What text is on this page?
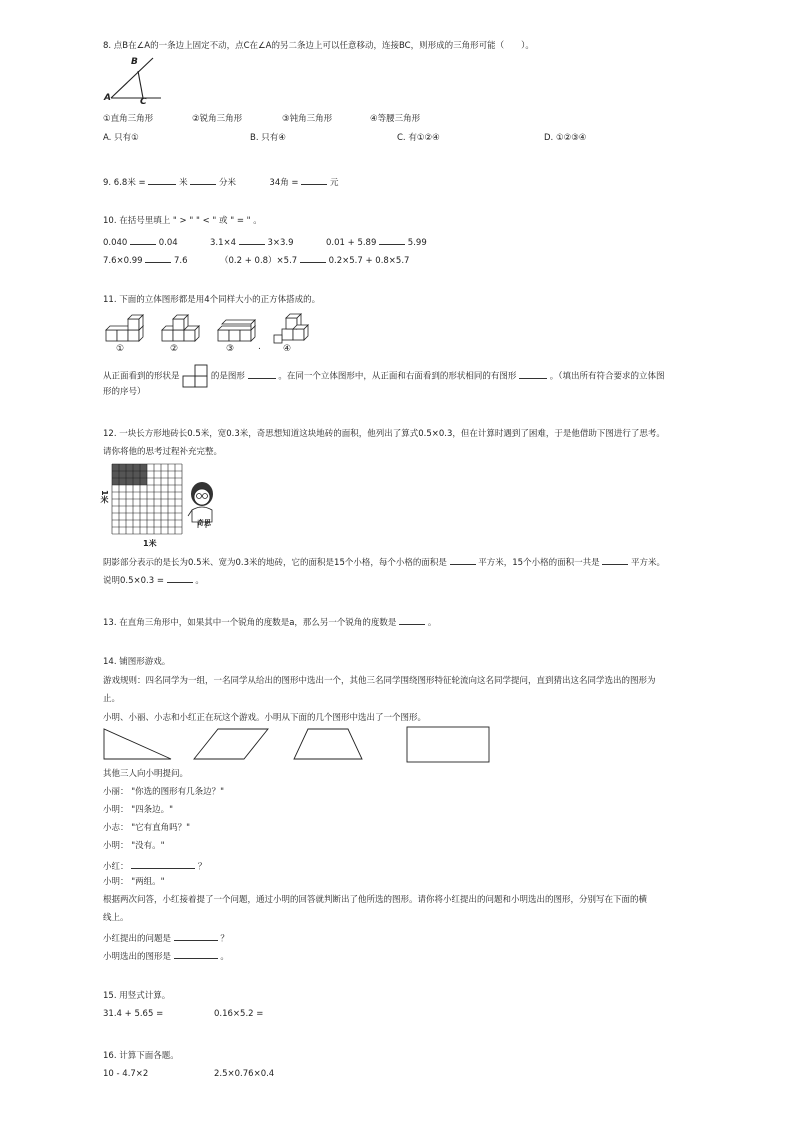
8. 点B在∠A的一条边上固定不动，点C在∠A的另二条边上可以任意移动，连接BC，则形成的三角形可能（　　）。
B
A	C
①直角三角形	②锐角三角形	③钝角三角形	④等腰三角形
A. 只有①	B. 只有④	C. 有①②④	D. ①②③④
9. 6.8米 =	米	分米	34角 =	元
10. 在括号里填上 " > " " < " 或 " = " 。
0.040	0.04	3.1×4	3×3.9	0.01 + 5.89	5.99
7.6×0.99	7.6	（0.2 + 0.8）×5.7	0.2×5.7 + 0.8×5.7
11. 下面的立体图形都是用4个同样大小的正方体搭成的。
①	②	③	④
.
从正面看到的形状是	的是图形	。在同一个立体图形中，从正面和右面看到的形状相同的有图形	。（填出所有符合要求的立体图
形的序号）
12. 一块长方形地砖长0.5米，宽0.3米，奇思想知道这块地砖的面积，他列出了算式0.5×0.3，但在计算时遇到了困难，于是他借助下图进行了思考。
请你将他的思考过程补充完整。
1米
1米
奇思
阴影部分表示的是长为0.5米、宽为0.3米的地砖，它的面积是15个小格，每个小格的面积是	平方米，15个小格的面积一共是	平方米。
说明0.5×0.3 =	。
13. 在直角三角形中，如果其中一个锐角的度数是a，那么另一个锐角的度数是	。
14. 铺图形游戏。
游戏规则：四名同学为一组，一名同学从给出的图形中选出一个，其他三名同学围绕图形特征轮流向这名同学提问，直到猜出这名同学选出的图形为
止。
小明、小丽、小志和小红正在玩这个游戏。小明从下面的几个图形中选出了一个图形。
其他三人向小明提问。
小丽： "你选的图形有几条边？"
小明： "四条边。"
小志： "它有直角吗？"
小明： "没有。"
小红：	？
小明： "两组。"
根据两次问答，小红接着提了一个问题，通过小明的回答就判断出了他所选的图形。请你将小红提出的问题和小明选出的图形，分别写在下面的横
线上。
小红提出的问题是	？
小明选出的图形是	。
15. 用竖式计算。
31.4 + 5.65 =	0.16×5.2 =
16. 计算下面各题。
10 - 4.7×2	2.5×0.76×0.4
